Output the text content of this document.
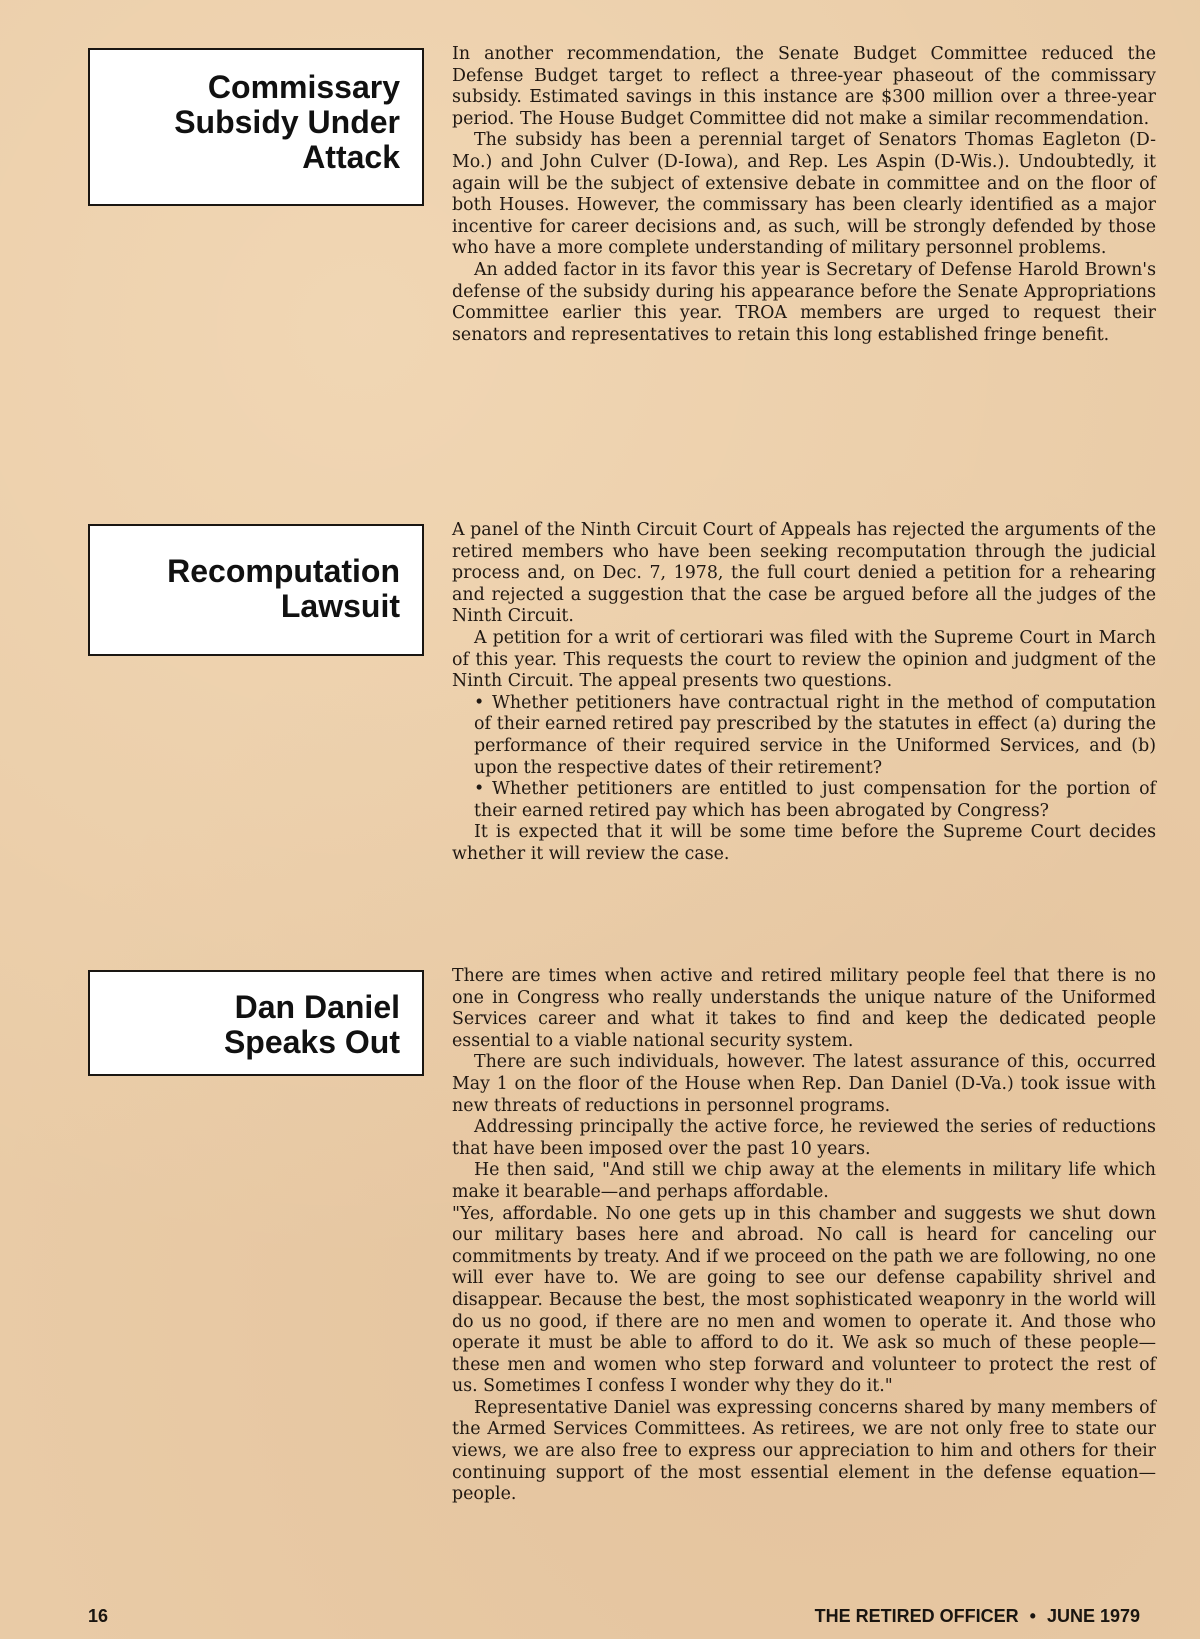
Commissary
Subsidy Under
Attack

In another recommendation, the Senate Budget Committee reduced the Defense Budget target to reflect a three-year phaseout of the commissary subsidy. Estimated savings in this instance are $300 million over a three-year period. The House Budget Committee did not make a similar recommendation.

The subsidy has been a perennial target of Senators Thomas Eagleton (D-Mo.) and John Culver (D-Iowa), and Rep. Les Aspin (D-Wis.). Undoubtedly, it again will be the subject of extensive debate in committee and on the floor of both Houses. However, the commissary has been clearly identified as a major incentive for career decisions and, as such, will be strongly defended by those who have a more complete understanding of military personnel problems.

An added factor in its favor this year is Secretary of Defense Harold Brown's defense of the subsidy during his appearance before the Senate Appropriations Committee earlier this year. TROA members are urged to request their senators and representatives to retain this long established fringe benefit.

Recomputation
Lawsuit

A panel of the Ninth Circuit Court of Appeals has rejected the arguments of the retired members who have been seeking recomputation through the judicial process and, on Dec. 7, 1978, the full court denied a petition for a rehearing and rejected a suggestion that the case be argued before all the judges of the Ninth Circuit.

A petition for a writ of certiorari was filed with the Supreme Court in March of this year. This requests the court to review the opinion and judgment of the Ninth Circuit. The appeal presents two questions.

• Whether petitioners have contractual right in the method of computation of their earned retired pay prescribed by the statutes in effect (a) during the performance of their required service in the Uniformed Services, and (b) upon the respective dates of their retirement?

• Whether petitioners are entitled to just compensation for the portion of their earned retired pay which has been abrogated by Congress?

It is expected that it will be some time before the Supreme Court decides whether it will review the case.

Dan Daniel
Speaks Out

There are times when active and retired military people feel that there is no one in Congress who really understands the unique nature of the Uniformed Services career and what it takes to find and keep the dedicated people essential to a viable national security system.

There are such individuals, however. The latest assurance of this, occurred May 1 on the floor of the House when Rep. Dan Daniel (D-Va.) took issue with new threats of reductions in personnel programs.

Addressing principally the active force, he reviewed the series of reductions that have been imposed over the past 10 years.

He then said, "And still we chip away at the elements in military life which make it bearable—and perhaps affordable.

"Yes, affordable. No one gets up in this chamber and suggests we shut down our military bases here and abroad. No call is heard for canceling our commitments by treaty. And if we proceed on the path we are following, no one will ever have to. We are going to see our defense capability shrivel and disappear. Because the best, the most sophisticated weaponry in the world will do us no good, if there are no men and women to operate it. And those who operate it must be able to afford to do it. We ask so much of these people—these men and women who step forward and volunteer to protect the rest of us. Sometimes I confess I wonder why they do it."

Representative Daniel was expressing concerns shared by many members of the Armed Services Committees. As retirees, we are not only free to state our views, we are also free to express our appreciation to him and others for their continuing support of the most essential element in the defense equation—people.

16	THE RETIRED OFFICER • JUNE 1979
